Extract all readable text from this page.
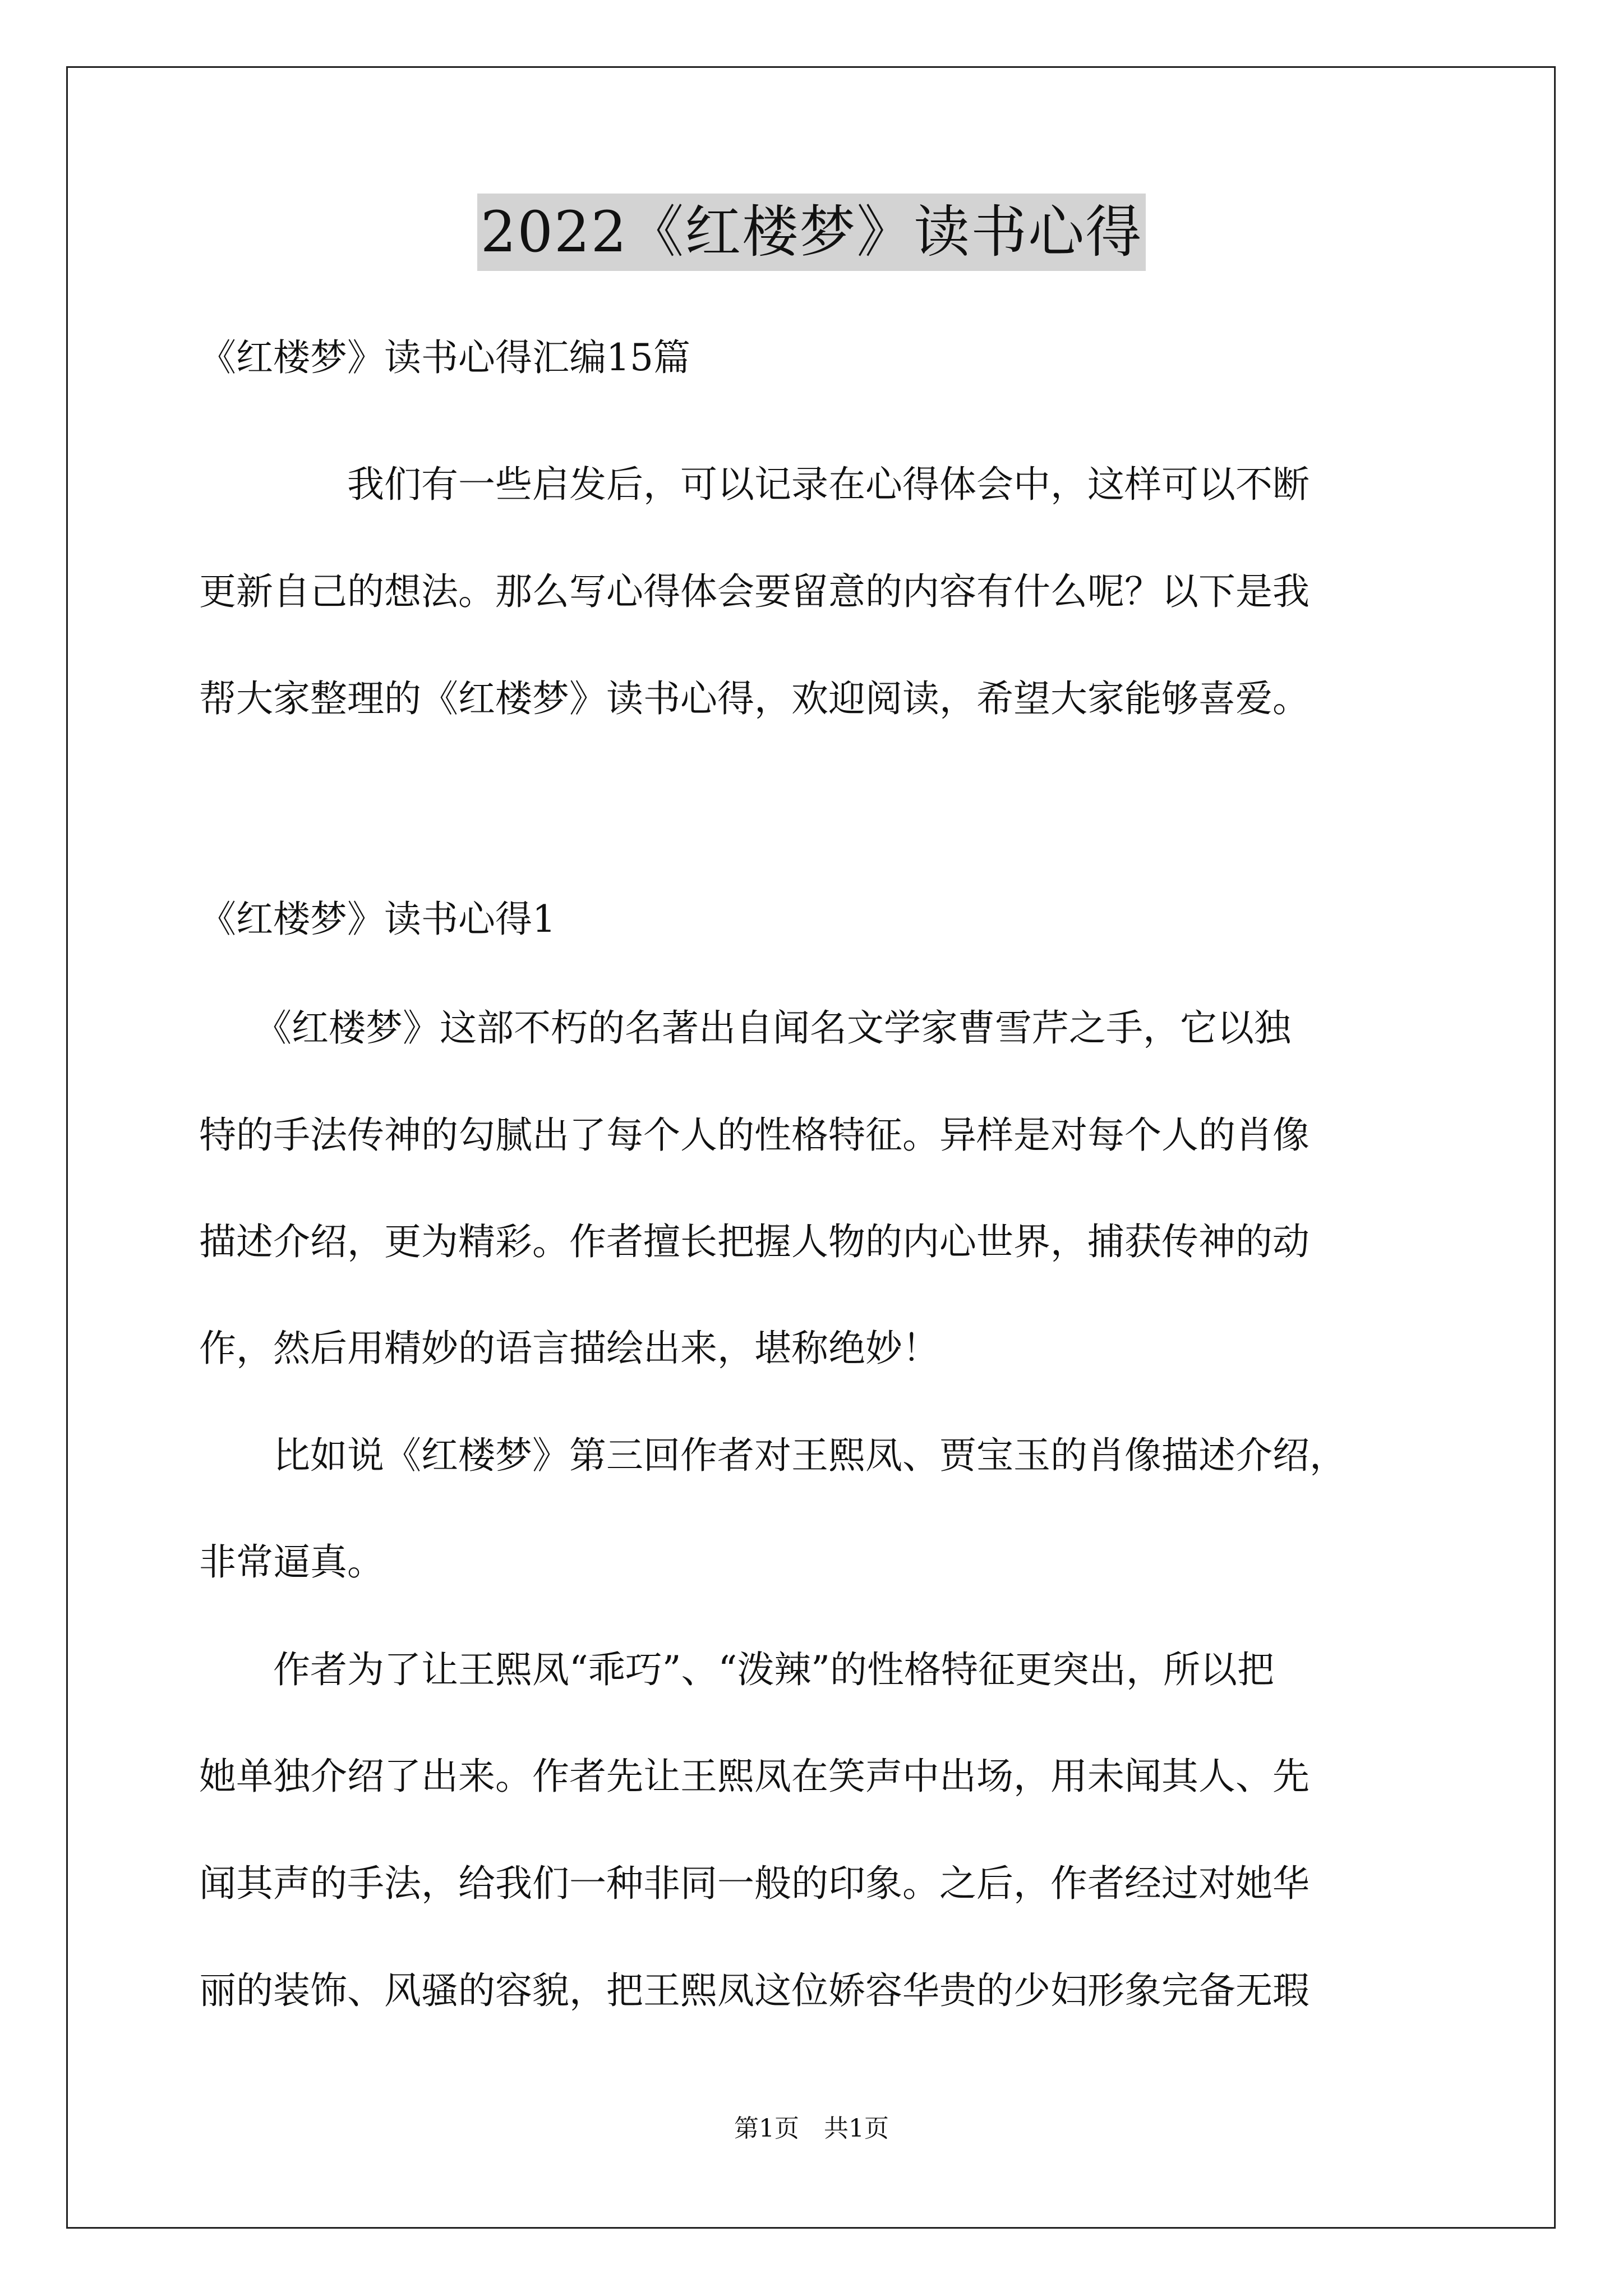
2022《红楼梦》读书心得
《红楼梦》读书心得汇编15篇
　　　　我们有一些启发后，可以记录在心得体会中，这样可以不断
更新自己的想法。那么写心得体会要留意的内容有什么呢？以下是我
帮大家整理的《红楼梦》读书心得，欢迎阅读，希望大家能够喜爱。
《红楼梦》读书心得1
　　《红楼梦》这部不朽的名著出自闻名文学家曹雪芹之手，它以独
特的手法传神的勾腻出了每个人的性格特征。异样是对每个人的肖像
描述介绍，更为精彩。作者擅长把握人物的内心世界，捕获传神的动
作，然后用精妙的语言描绘出来，堪称绝妙！
　　比如说《红楼梦》第三回作者对王熙凤、贾宝玉的肖像描述介绍，
非常逼真。
　　作者为了让王熙凤“乖巧”、“泼辣”的性格特征更突出，所以把
她单独介绍了出来。作者先让王熙凤在笑声中出场，用未闻其人、先
闻其声的手法，给我们一种非同一般的印象。之后，作者经过对她华
丽的装饰、风骚的容貌，把王熙凤这位娇容华贵的少妇形象完备无瑕
第1页　共1页
